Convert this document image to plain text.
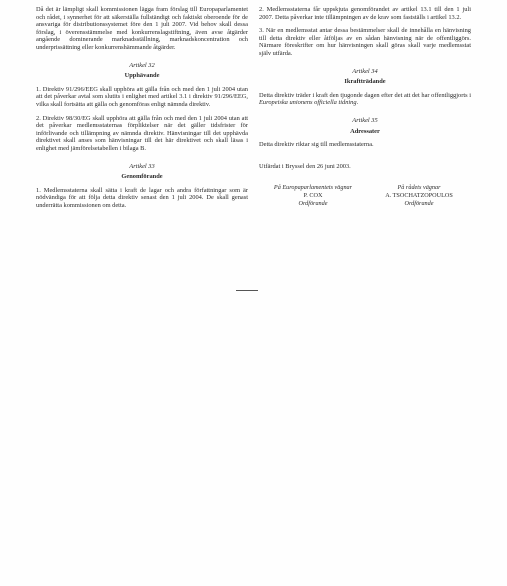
Då det är lämpligt skall kommissionen lägga fram förslag till Europaparlamentet och rådet, i synnerhet för att säkerställa fullständigt och faktiskt oberoende för de ansvariga för distributionssystemet före den 1 juli 2007. Vid behov skall dessa förslag, i överensstämmelse med konkurrenslagstiftning, även avse åtgärder angående dominerande marknadsställning, marknadskoncentration och underprissättning eller konkurrenshämmande åtgärder.

Artikel 32
Upphävande

1. Direktiv 91/296/EEG skall upphöra att gälla från och med den 1 juli 2004 utan att det påverkar avtal som slutits i enlighet med artikel 3.1 i direktiv 91/296/EEG, vilka skall fortsätta att gälla och genomföras enligt nämnda direktiv.

2. Direktiv 98/30/EG skall upphöra att gälla från och med den 1 juli 2004 utan att det påverkar medlemsstaternas förpliktelser när det gäller tidsfrister för införlivande och tillämpning av nämnda direktiv. Hänvisningar till det upphävda direktivet skall anses som hänvisningar till det här direktivet och skall läsas i enlighet med jämförelsetabellen i bilaga B.

Artikel 33
Genomförande

1. Medlemsstaterna skall sätta i kraft de lagar och andra författningar som är nödvändiga för att följa detta direktiv senast den 1 juli 2004. De skall genast underrätta kommissionen om detta.

2. Medlemsstaterna får uppskjuta genomförandet av artikel 13.1 till den 1 juli 2007. Detta påverkar inte tillämpningen av de krav som fastställs i artikel 13.2.

3. När en medlemsstat antar dessa bestämmelser skall de innehålla en hänvisning till detta direktiv eller åtföljas av en sådan hänvisning när de offentliggörs. Närmare föreskrifter om hur hänvisningen skall göras skall varje medlemsstat själv utfärda.

Artikel 34
Ikraftträdande

Detta direktiv träder i kraft den tjugonde dagen efter det att det har offentliggjorts i Europeiska unionens officiella tidning.

Artikel 35
Adressater

Detta direktiv riktar sig till medlemsstaterna.

Utfärdat i Bryssel den 26 juni 2003.

På Europaparlamentets vägnar
P. COX
Ordförande
På rådets vägnar
A. TSOCHATZOPOULOS
Ordförande
